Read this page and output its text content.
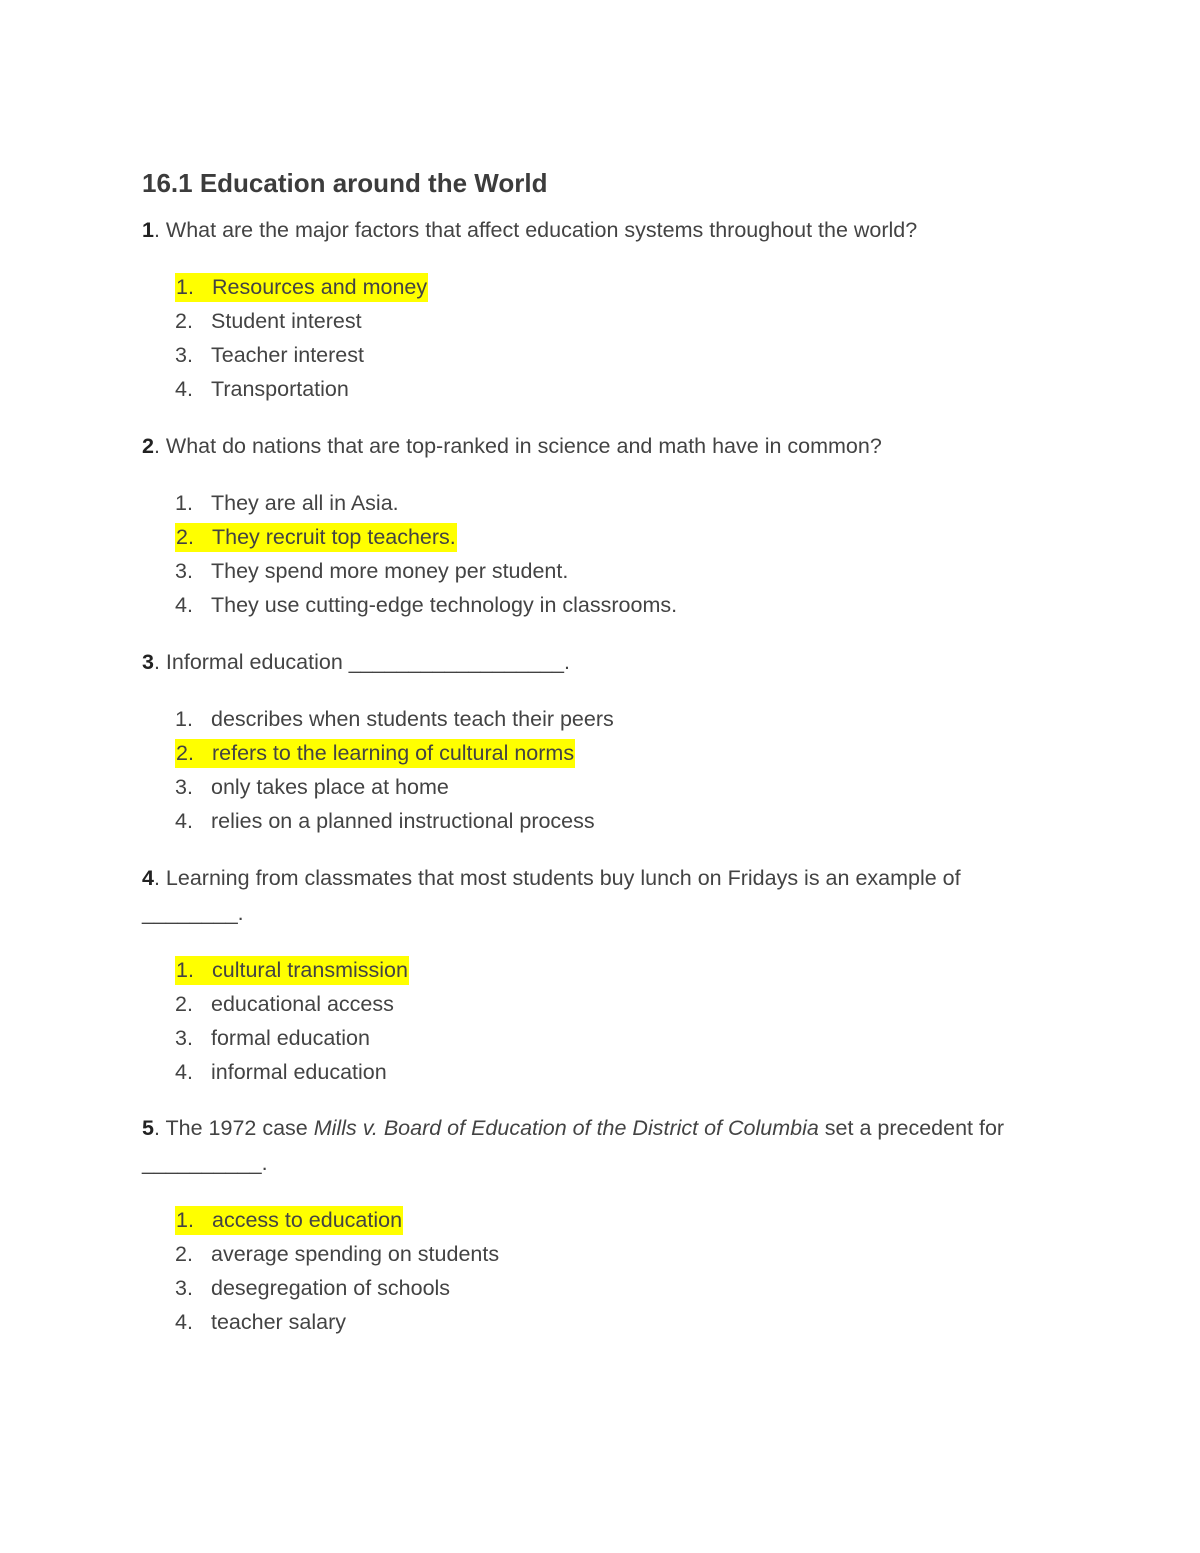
16.1 Education around the World
1. What are the major factors that affect education systems throughout the world?
1. Resources and money
2. Student interest
3. Teacher interest
4. Transportation
2. What do nations that are top-ranked in science and math have in common?
1. They are all in Asia.
2. They recruit top teachers.
3. They spend more money per student.
4. They use cutting-edge technology in classrooms.
3. Informal education __________________.
1. describes when students teach their peers
2. refers to the learning of cultural norms
3. only takes place at home
4. relies on a planned instructional process
4. Learning from classmates that most students buy lunch on Fridays is an example of ________.
1. cultural transmission
2. educational access
3. formal education
4. informal education
5. The 1972 case Mills v. Board of Education of the District of Columbia set a precedent for __________.
1. access to education
2. average spending on students
3. desegregation of schools
4. teacher salary
